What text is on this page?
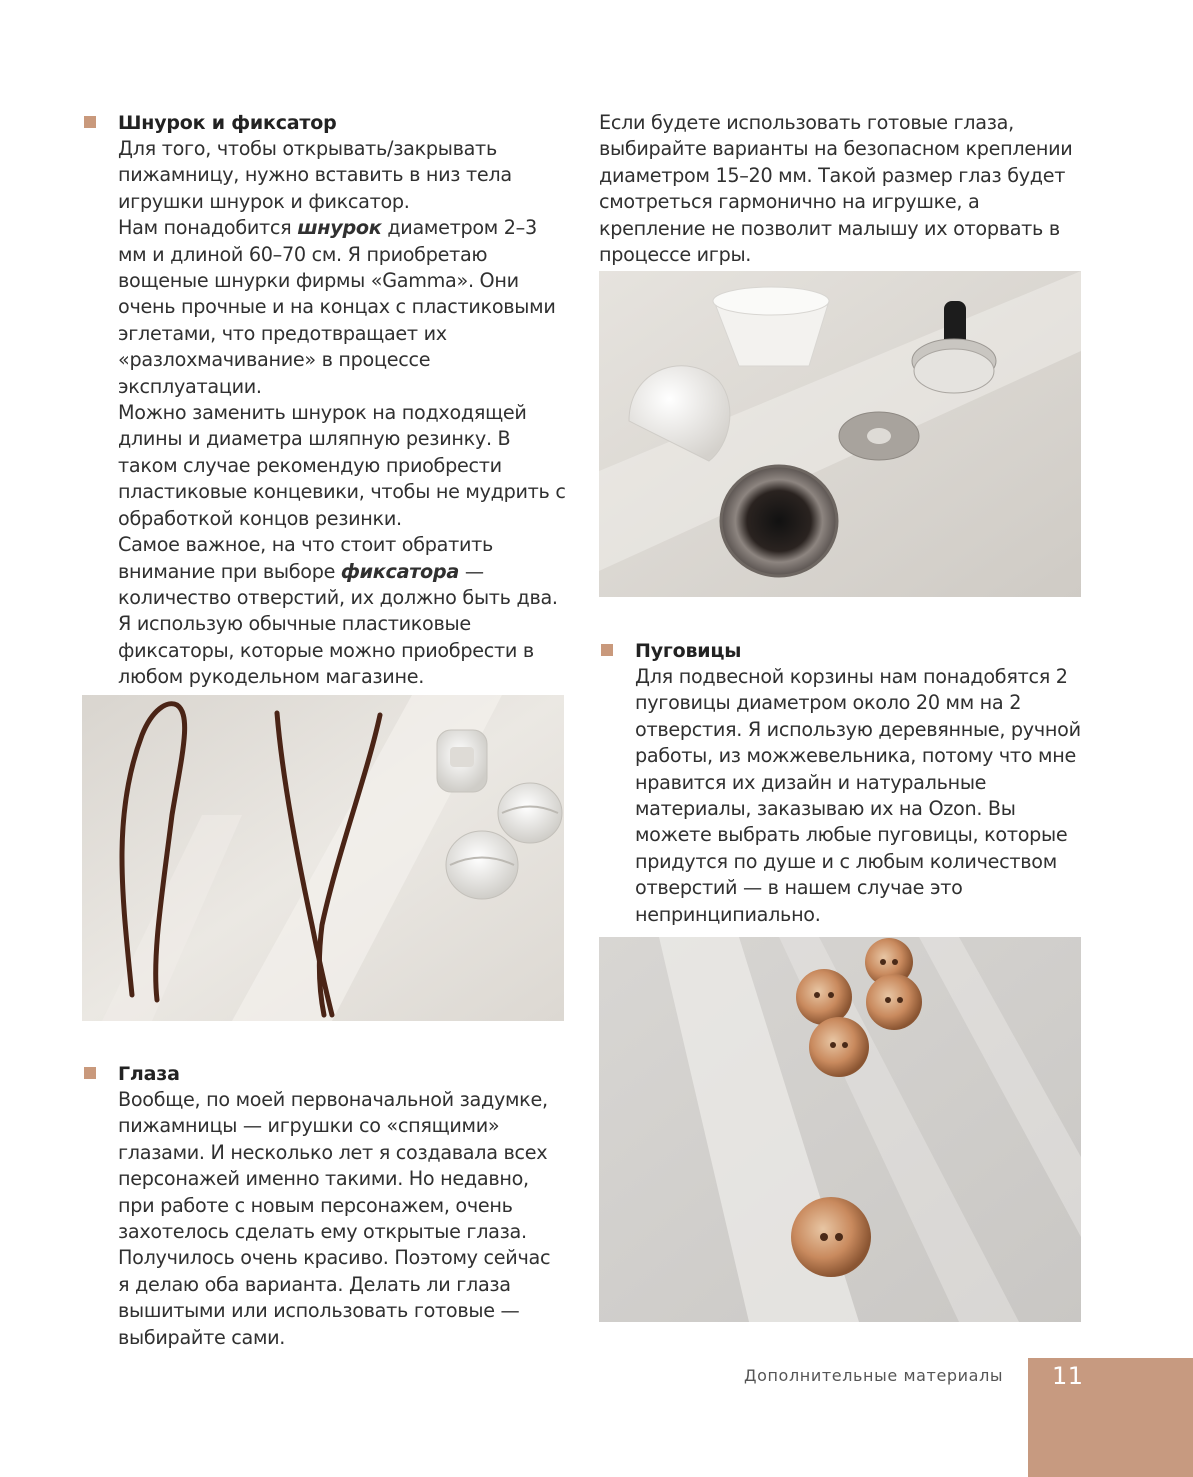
Шнурок и фиксатор

Для того, чтобы открывать/закрывать пижамницу, нужно вставить в низ тела игрушки шнурок и фиксатор.

Нам понадобится шнурок диаметром 2–3 мм и длиной 60–70 см. Я приобретаю вощеные шнурки фирмы «Gamma». Они очень прочные и на концах с пластиковыми эглетами, что предотвращает их «разлохмачивание» в процессе эксплуатации.

Можно заменить шнурок на подходящей длины и диаметра шляпную резинку. В таком случае рекомендую приобрести пластиковые концевики, чтобы не мудрить с обработкой концов резинки.

Самое важное, на что стоит обратить внимание при выборе фиксатора — количество отверстий, их должно быть два.

Я использую обычные пластиковые фиксаторы, которые можно приобрести в любом рукодельном магазине.

Глаза

Вообще, по моей первоначальной задумке, пижамницы — игрушки со «спящими» глазами. И несколько лет я создавала всех персонажей именно такими. Но недавно, при работе с новым персонажем, очень захотелось сделать ему открытые глаза. Получилось очень красиво. Поэтому сейчас я делаю оба варианта. Делать ли глаза вышитыми или использовать готовые — выбирайте сами.

Если будете использовать готовые глаза, выбирайте варианты на безопасном креплении диаметром 15–20 мм. Такой размер глаз будет смотреться гармонично на игрушке, а крепление не позволит малышу их оторвать в процессе игры.

Пуговицы

Для подвесной корзины нам понадобятся 2 пуговицы диаметром около 20 мм на 2 отверстия. Я использую деревянные, ручной работы, из можжевельника, потому что мне нравится их дизайн и натуральные материалы, заказываю их на Ozon. Вы можете выбрать любые пуговицы, которые придутся по душе и с любым количеством отверстий — в нашем случае это непринципиально.

Дополнительные материалы 11
